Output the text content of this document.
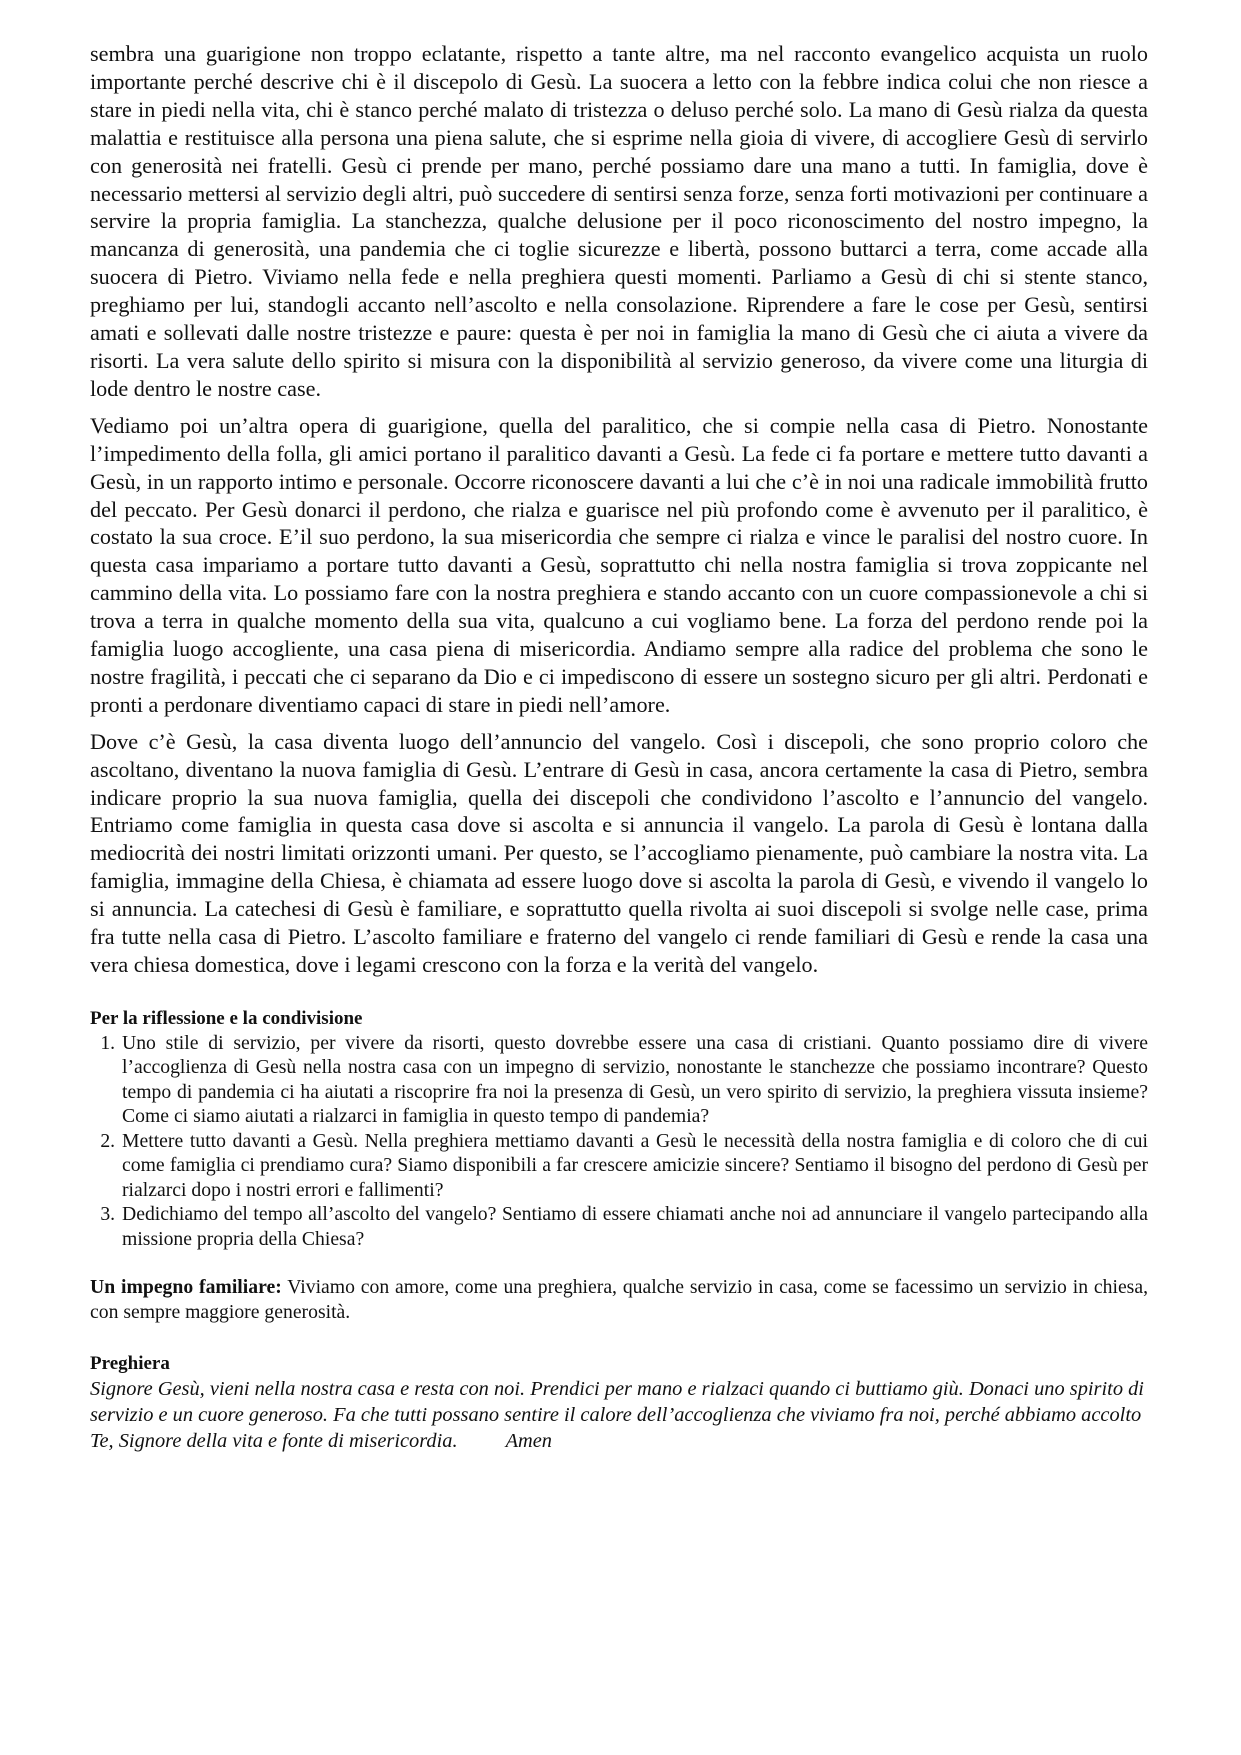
sembra una guarigione non troppo eclatante, rispetto a tante altre, ma nel racconto evangelico acquista un ruolo importante perché descrive chi è il discepolo di Gesù. La suocera a letto con la febbre indica colui che non riesce a stare in piedi nella vita, chi è stanco perché malato di tristezza o deluso perché solo. La mano di Gesù rialza da questa malattia e restituisce alla persona una piena salute, che si esprime nella gioia di vivere, di accogliere Gesù di servirlo con generosità nei fratelli. Gesù ci prende per mano, perché possiamo dare una mano a tutti. In famiglia, dove è necessario mettersi al servizio degli altri, può succedere di sentirsi senza forze, senza forti motivazioni per continuare a servire la propria famiglia. La stanchezza, qualche delusione per il poco riconoscimento del nostro impegno, la mancanza di generosità, una pandemia che ci toglie sicurezze e libertà, possono buttarci a terra, come accade alla suocera di Pietro. Viviamo nella fede e nella preghiera questi momenti. Parliamo a Gesù di chi si stente stanco, preghiamo per lui, standogli accanto nell’ascolto e nella consolazione. Riprendere a fare le cose per Gesù, sentirsi amati e sollevati dalle nostre tristezze e paure: questa è per noi in famiglia la mano di Gesù che ci aiuta a vivere da risorti. La vera salute dello spirito si misura con la disponibilità al servizio generoso, da vivere come una liturgia di lode dentro le nostre case.

Vediamo poi un’altra opera di guarigione, quella del paralitico, che si compie nella casa di Pietro. Nonostante l’impedimento della folla, gli amici portano il paralitico davanti a Gesù. La fede ci fa portare e mettere tutto davanti a Gesù, in un rapporto intimo e personale. Occorre riconoscere davanti a lui che c’è in noi una radicale immobilità frutto del peccato. Per Gesù donarci il perdono, che rialza e guarisce nel più profondo come è avvenuto per il paralitico, è costato la sua croce. E’il suo perdono, la sua misericordia che sempre ci rialza e vince le paralisi del nostro cuore. In questa casa impariamo a portare tutto davanti a Gesù, soprattutto chi nella nostra famiglia si trova zoppicante nel cammino della vita. Lo possiamo fare con la nostra preghiera e stando accanto con un cuore compassionevole a chi si trova a terra in qualche momento della sua vita, qualcuno a cui vogliamo bene. La forza del perdono rende poi la famiglia luogo accogliente, una casa piena di misericordia. Andiamo sempre alla radice del problema che sono le nostre fragilità, i peccati che ci separano da Dio e ci impediscono di essere un sostegno sicuro per gli altri. Perdonati e pronti a perdonare diventiamo capaci di stare in piedi nell’amore.

Dove c’è Gesù, la casa diventa luogo dell’annuncio del vangelo. Così i discepoli, che sono proprio coloro che ascoltano, diventano la nuova famiglia di Gesù. L’entrare di Gesù in casa, ancora certamente la casa di Pietro, sembra indicare proprio la sua nuova famiglia, quella dei discepoli che condividono l’ascolto e l’annuncio del vangelo. Entriamo come famiglia in questa casa dove si ascolta e si annuncia il vangelo. La parola di Gesù è lontana dalla mediocrità dei nostri limitati orizzonti umani. Per questo, se l’accogliamo pienamente, può cambiare la nostra vita. La famiglia, immagine della Chiesa, è chiamata ad essere luogo dove si ascolta la parola di Gesù, e vivendo il vangelo lo si annuncia. La catechesi di Gesù è familiare, e soprattutto quella rivolta ai suoi discepoli si svolge nelle case, prima fra tutte nella casa di Pietro. L’ascolto familiare e fraterno del vangelo ci rende familiari di Gesù e rende la casa una vera chiesa domestica, dove i legami crescono con la forza e la verità del vangelo.

Per la riflessione e la condivisione
1. Uno stile di servizio, per vivere da risorti, questo dovrebbe essere una casa di cristiani. Quanto possiamo dire di vivere l’accoglienza di Gesù nella nostra casa con un impegno di servizio, nonostante le stanchezze che possiamo incontrare? Questo tempo di pandemia ci ha aiutati a riscoprire fra noi la presenza di Gesù, un vero spirito di servizio, la preghiera vissuta insieme? Come ci siamo aiutati a rialzarci in famiglia in questo tempo di pandemia?
2. Mettere tutto davanti a Gesù. Nella preghiera mettiamo davanti a Gesù le necessità della nostra famiglia e di coloro che di cui come famiglia ci prendiamo cura? Siamo disponibili a far crescere amicizie sincere? Sentiamo il bisogno del perdono di Gesù per rialzarci dopo i nostri errori e fallimenti?
3. Dedichiamo del tempo all’ascolto del vangelo? Sentiamo di essere chiamati anche noi ad annunciare il vangelo partecipando alla missione propria della Chiesa?

Un impegno familiare: Viviamo con amore, come una preghiera, qualche servizio in casa, come se facessimo un servizio in chiesa, con sempre maggiore generosità.

Preghiera

Signore Gesù, vieni nella nostra casa e resta con noi. Prendici per mano e rialzaci quando ci buttiamo giù. Donaci uno spirito di servizio e un cuore generoso. Fa che tutti possano sentire il calore dell’accoglienza che viviamo fra noi, perché abbiamo accolto Te, Signore della vita e fonte di misericordia. Amen
